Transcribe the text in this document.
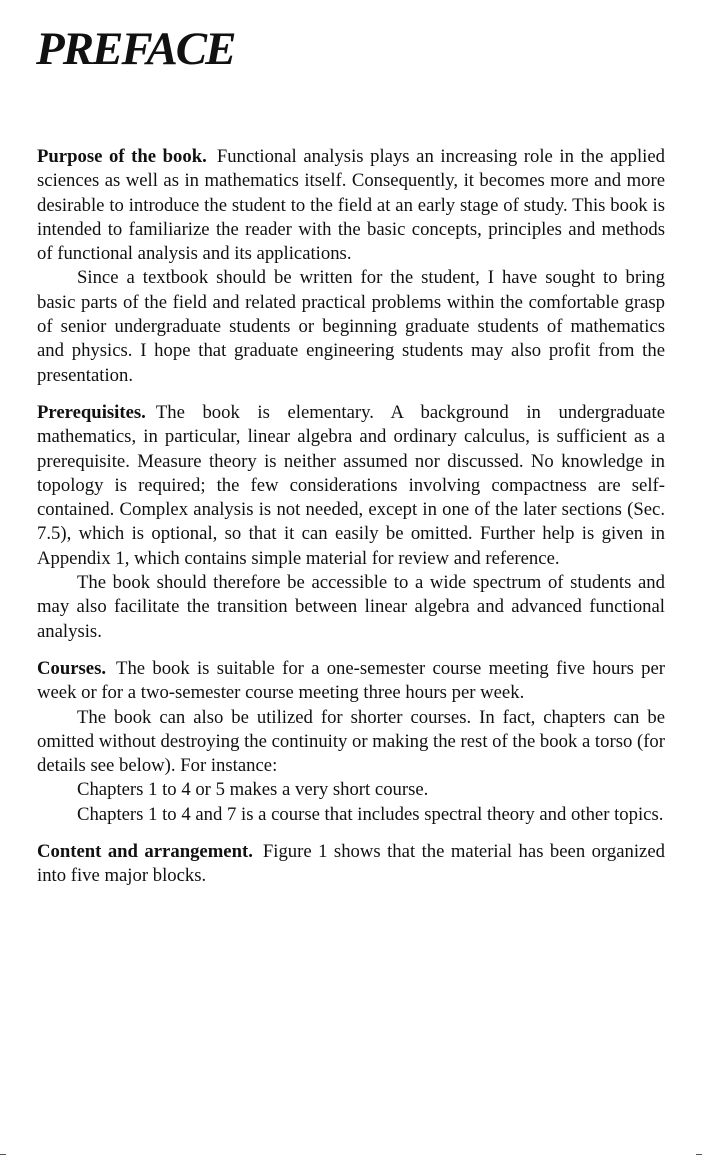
PREFACE

Purpose of the book. Functional analysis plays an increasing role in the applied sciences as well as in mathematics itself. Consequently, it becomes more and more desirable to introduce the student to the field at an early stage of study. This book is intended to familiarize the reader with the basic concepts, principles and methods of functional analysis and its applications.

Since a textbook should be written for the student, I have sought to bring basic parts of the field and related practical problems within the comfortable grasp of senior undergraduate students or beginning graduate students of mathematics and physics. I hope that graduate engineering students may also profit from the presentation.

Prerequisites. The book is elementary. A background in undergraduate mathematics, in particular, linear algebra and ordinary calculus, is sufficient as a prerequisite. Measure theory is neither assumed nor discussed. No knowledge in topology is required; the few considerations involving compactness are self-contained. Complex analysis is not needed, except in one of the later sections (Sec. 7.5), which is optional, so that it can easily be omitted. Further help is given in Appendix 1, which contains simple material for review and reference.

The book should therefore be accessible to a wide spectrum of students and may also facilitate the transition between linear algebra and advanced functional analysis.

Courses. The book is suitable for a one-semester course meeting five hours per week or for a two-semester course meeting three hours per week.

The book can also be utilized for shorter courses. In fact, chapters can be omitted without destroying the continuity or making the rest of the book a torso (for details see below). For instance:

Chapters 1 to 4 or 5 makes a very short course.

Chapters 1 to 4 and 7 is a course that includes spectral theory and other topics.

Content and arrangement. Figure 1 shows that the material has been organized into five major blocks.
